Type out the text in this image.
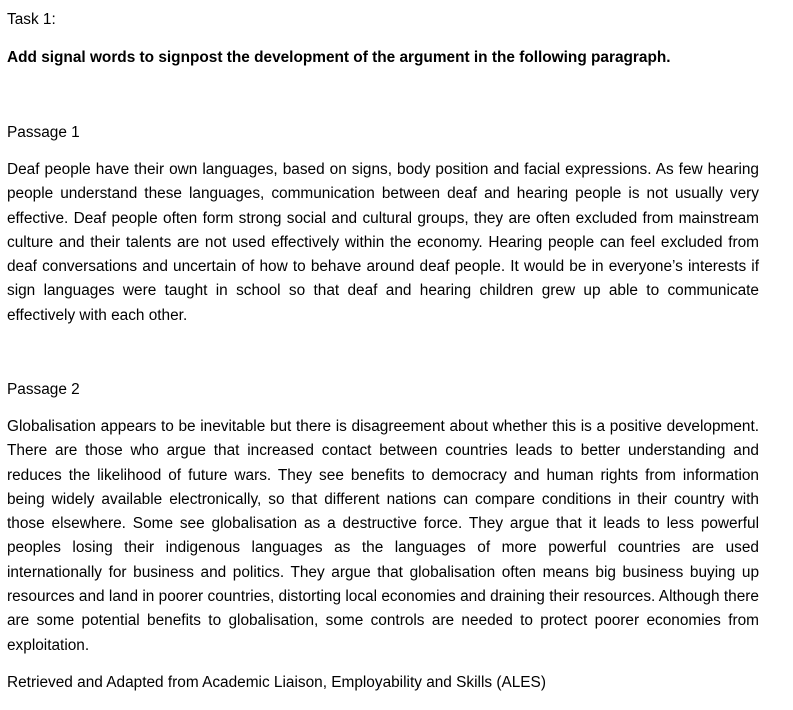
Task 1:

Add signal words to signpost the development of the argument in the following paragraph.

Passage 1

Deaf people have their own languages, based on signs, body position and facial expressions. As few hearing people understand these languages, communication between deaf and hearing people is not usually very effective. Deaf people often form strong social and cultural groups, they are often excluded from mainstream culture and their talents are not used effectively within the economy. Hearing people can feel excluded from deaf conversations and uncertain of how to behave around deaf people. It would be in everyone’s interests if sign languages were taught in school so that deaf and hearing children grew up able to communicate effectively with each other.

Passage 2

Globalisation appears to be inevitable but there is disagreement about whether this is a positive development. There are those who argue that increased contact between countries leads to better understanding and reduces the likelihood of future wars. They see benefits to democracy and human rights from information being widely available electronically, so that different nations can compare conditions in their country with those elsewhere. Some see globalisation as a destructive force. They argue that it leads to less powerful peoples losing their indigenous languages as the languages of more powerful countries are used internationally for business and politics. They argue that globalisation often means big business buying up resources and land in poorer countries, distorting local economies and draining their resources. Although there are some potential benefits to globalisation, some controls are needed to protect poorer economies from exploitation.

Retrieved and Adapted from Academic Liaison, Employability and Skills (ALES)
